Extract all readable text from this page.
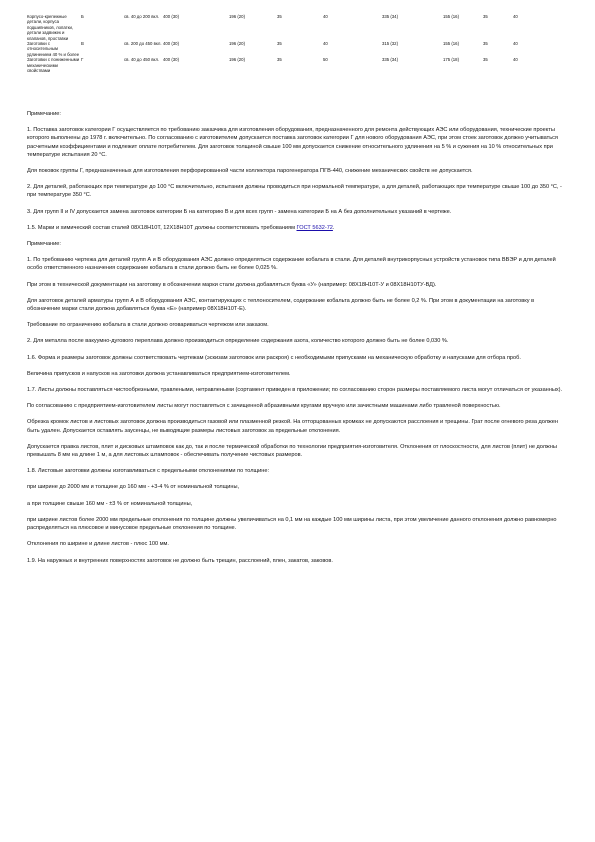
Корпусо-крепежные детали, корпуса подшипников, лопатки, детали задвижек и клапанов, проставки	Б	св. 40 до 200 вкл.	400 (30)	196 (20)	35	40	335 (34)	155 (16)	35	40
Заготовки с относительным удлинением 40 % и более	В	св. 200 до 450 вкл.	400 (30)	196 (20)	35	40	315 (32)	155 (16)	35	40
Заготовки с пониженными механическими свойствами	Г	св. 40 до 450 вкл.	400 (30)	196 (20)	35	50	335 (34)	175 (18)	35	40

Примечание:

1. Поставка заготовок категории Г осуществляется по требованию заказчика для изготовления оборудования, предназначенного для ремонта действующих АЭС или оборудования, технические проекты которого выполнены до 1978 г. включительно. По согласованию с изготовителем допускается поставка заготовок категории Г для нового оборудования АЭС, при этом стоек заготовок должно учитываться расчетными коэффициентами и подлежит оплате потребителем. Для заготовок толщиной свыше 100 мм допускается снижение относительного удлинения на 5 % и сужения на 10 % относительных при температуре испытания 20 °С.

Для поковок группы Г, предназначенных для изготовления перфорированной части коллектора парогенератора ПГВ-440, снижение механических свойств не допускается.

2. Для деталей, работающих при температуре до 100 °С включительно, испытания должны проводиться при нормальной температуре, а для деталей, работающих при температуре свыше 100 до 350 °С, - при температуре 350 °С.

3. Для групп II и IV допускается замена заготовок категории Б на категорию В и для всех групп - замена категории Б на А без дополнительных указаний в чертеже.

1.5. Марки и химический состав сталей 08Х18Н10Т, 12Х18Н10Т должны соответствовать требованиям ГОСТ 5632-72.

Примечание:

1. По требованию чертежа для деталей групп А и В оборудования АЭС должно определяться содержание кобальта в стали. Для деталей внутрикорпусных устройств установок типа ВВЭР и для деталей особо ответственного назначения содержание кобальта в стали должно быть не более 0,025 %.

При этом в технической документации на заготовку в обозначении марки стали должна добавляться буква «У» (например: 08Х18Н10Т-У и 08Х18Н10ТУ-ВД).

Для заготовок деталей арматуры групп А и В оборудования АЭС, контактирующих с теплоносителем, содержание кобальта должно быть не более 0,2 %. При этом в документации на заготовку в обозначение марки стали должна добавляться буква «Е» (например 08Х18Н10Т-Е).

Требование по ограничению кобальта в стали должно оговариваться чертежом или заказом.

2. Для металла после вакуумно-дугового переплава должно производиться определение содержания азота, количество которого должно быть не более 0,030 %.

1.6. Форма и размеры заготовок должны соответствовать чертежам (эскизам заготовок или раскроя) с необходимыми припусками на механическую обработку и напусками для отбора проб.

Величина припусков и напусков на заготовки должна устанавливаться предприятием-изготовителем.

1.7. Листы должны поставляться чистообрезными, травлеными, нетравлеными (сортамент приведен в приложении; по согласованию сторон размеры поставляемого листа могут отличаться от указанных).

По согласованию с предприятием-изготовителем листы могут поставляться с зачищенной абразивными кругами вручную или зачистными машинами либо травленой поверхностью.

Обрезка кромок листов и листовых заготовок должна производиться газовой или плазменной резкой. На отторцованных кромках не допускаются расслоения и трещины. Грат после огневого реза должен быть удален. Допускается оставлять заусенцы, не выводящие размеры листовых заготовок за предельные отклонения.

Допускается правка листов, плит и дисковых штамповок как до, так и после термической обработки по технологии предприятия-изготовителя. Отклонения от плоскостности, для листов (плит) не должны превышать 8 мм на длине 1 м, а для листовых штамповок - обеспечивать получение чистовых размеров.

1.8. Листовые заготовки должны изготавливаться с предельными отклонениями по толщине:

при ширине до 2000 мм и толщине до 160 мм - +3-4 % от номинальной толщины,

а при толщине свыше 160 мм - ±3 % от номинальной толщины,

при ширине листов более 2000 мм предельные отклонения по толщине должны увеличиваться на 0,1 мм на каждые 100 мм ширины листа, при этом увеличение данного отклонения должно равномерно распределяться на плюсовое и минусовое предельные отклонения по толщине.

Отклонения по ширине и длине листов - плюс 100 мм.

1.9. На наружных и внутренних поверхностях заготовок не должно быть трещин, расслоений, плен, закатов, заковов.
